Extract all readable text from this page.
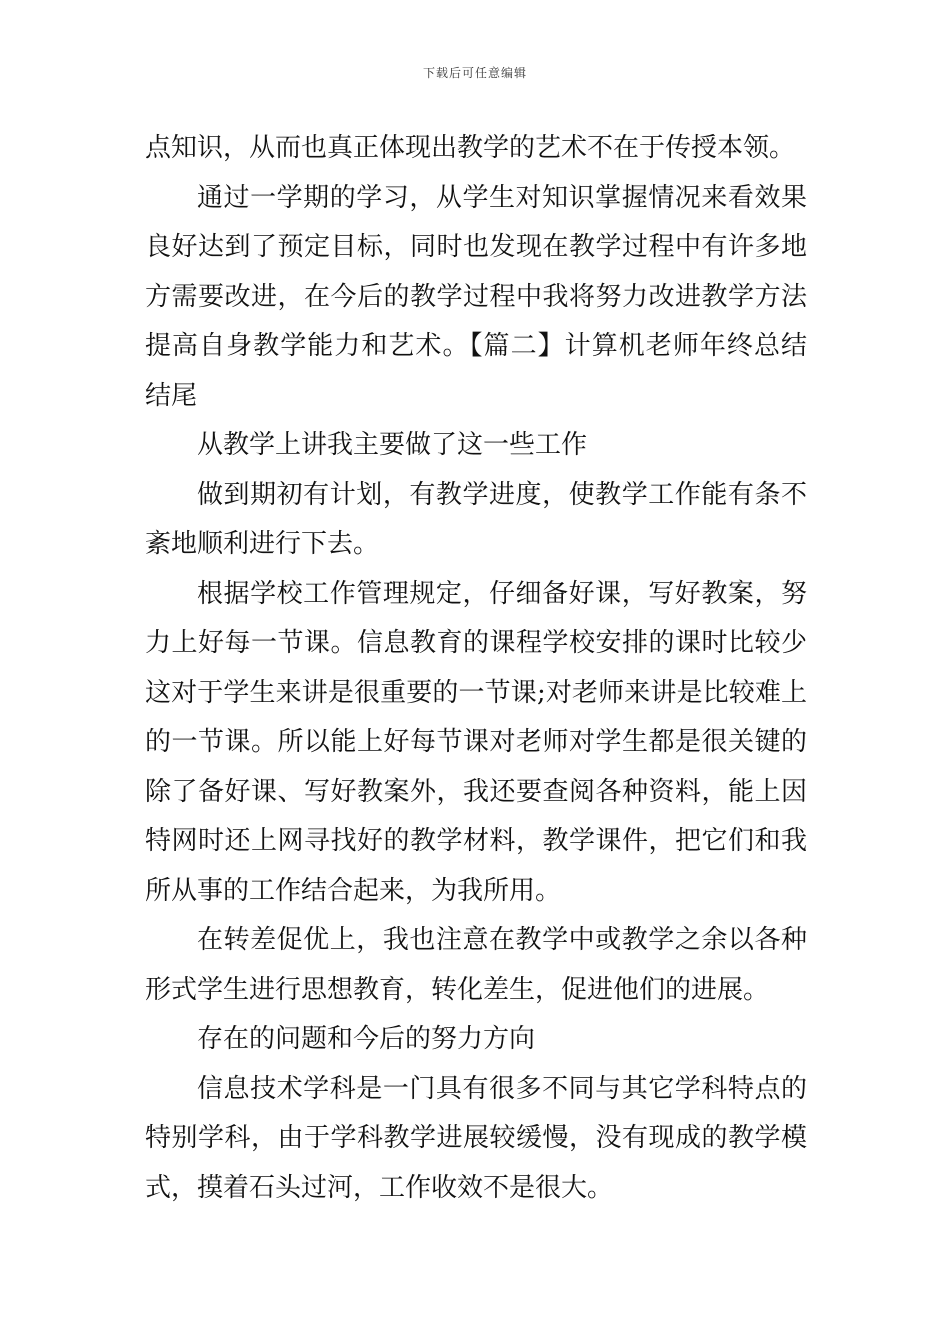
下载后可任意编辑

点知识，从而也真正体现出教学的艺术不在于传授本领。

通过一学期的学习，从学生对知识掌握情况来看效果良好达到了预定目标，同时也发现在教学过程中有许多地方需要改进，在今后的教学过程中我将努力改进教学方法提高自身教学能力和艺术。【篇二】计算机老师年终总结结尾

从教学上讲我主要做了这一些工作

做到期初有计划，有教学进度，使教学工作能有条不紊地顺利进行下去。

根据学校工作管理规定，仔细备好课，写好教案，努力上好每一节课。信息教育的课程学校安排的课时比较少这对于学生来讲是很重要的一节课;对老师来讲是比较难上的一节课。所以能上好每节课对老师对学生都是很关键的除了备好课、写好教案外，我还要查阅各种资料，能上因特网时还上网寻找好的教学材料，教学课件，把它们和我所从事的工作结合起来，为我所用。

在转差促优上，我也注意在教学中或教学之余以各种形式学生进行思想教育，转化差生，促进他们的进展。

存在的问题和今后的努力方向

信息技术学科是一门具有很多不同与其它学科特点的特别学科，由于学科教学进展较缓慢，没有现成的教学模式，摸着石头过河，工作收效不是很大。
